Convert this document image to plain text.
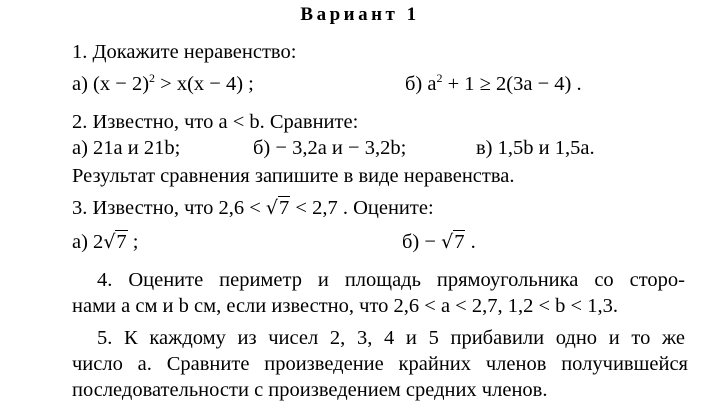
Вариант 1
1. Докажите неравенство:
а) $(x - 2)^2 > x(x - 4)$ ;	б) $a^2 + 1 \ge 2(3a - 4)$ .
2. Известно, что a < b. Сравните:
а) 21a и 21b;	б) − 3,2a и − 3,2b;	в) 1,5b и 1,5a.
Результат сравнения запишите в виде неравенства.
3. Известно, что 2,6 < √7 < 2,7 . Оцените:
а) 2√7 ;	б) − √7 .
4. Оцените периметр и площадь прямоугольника со сторо-
нами a см и b см, если известно, что 2,6 < a < 2,7, 1,2 < b < 1,3.
5. К каждому из чисел 2, 3, 4 и 5 прибавили одно и то же
число a. Сравните произведение крайних членов получившейся
последовательности с произведением средних членов.
